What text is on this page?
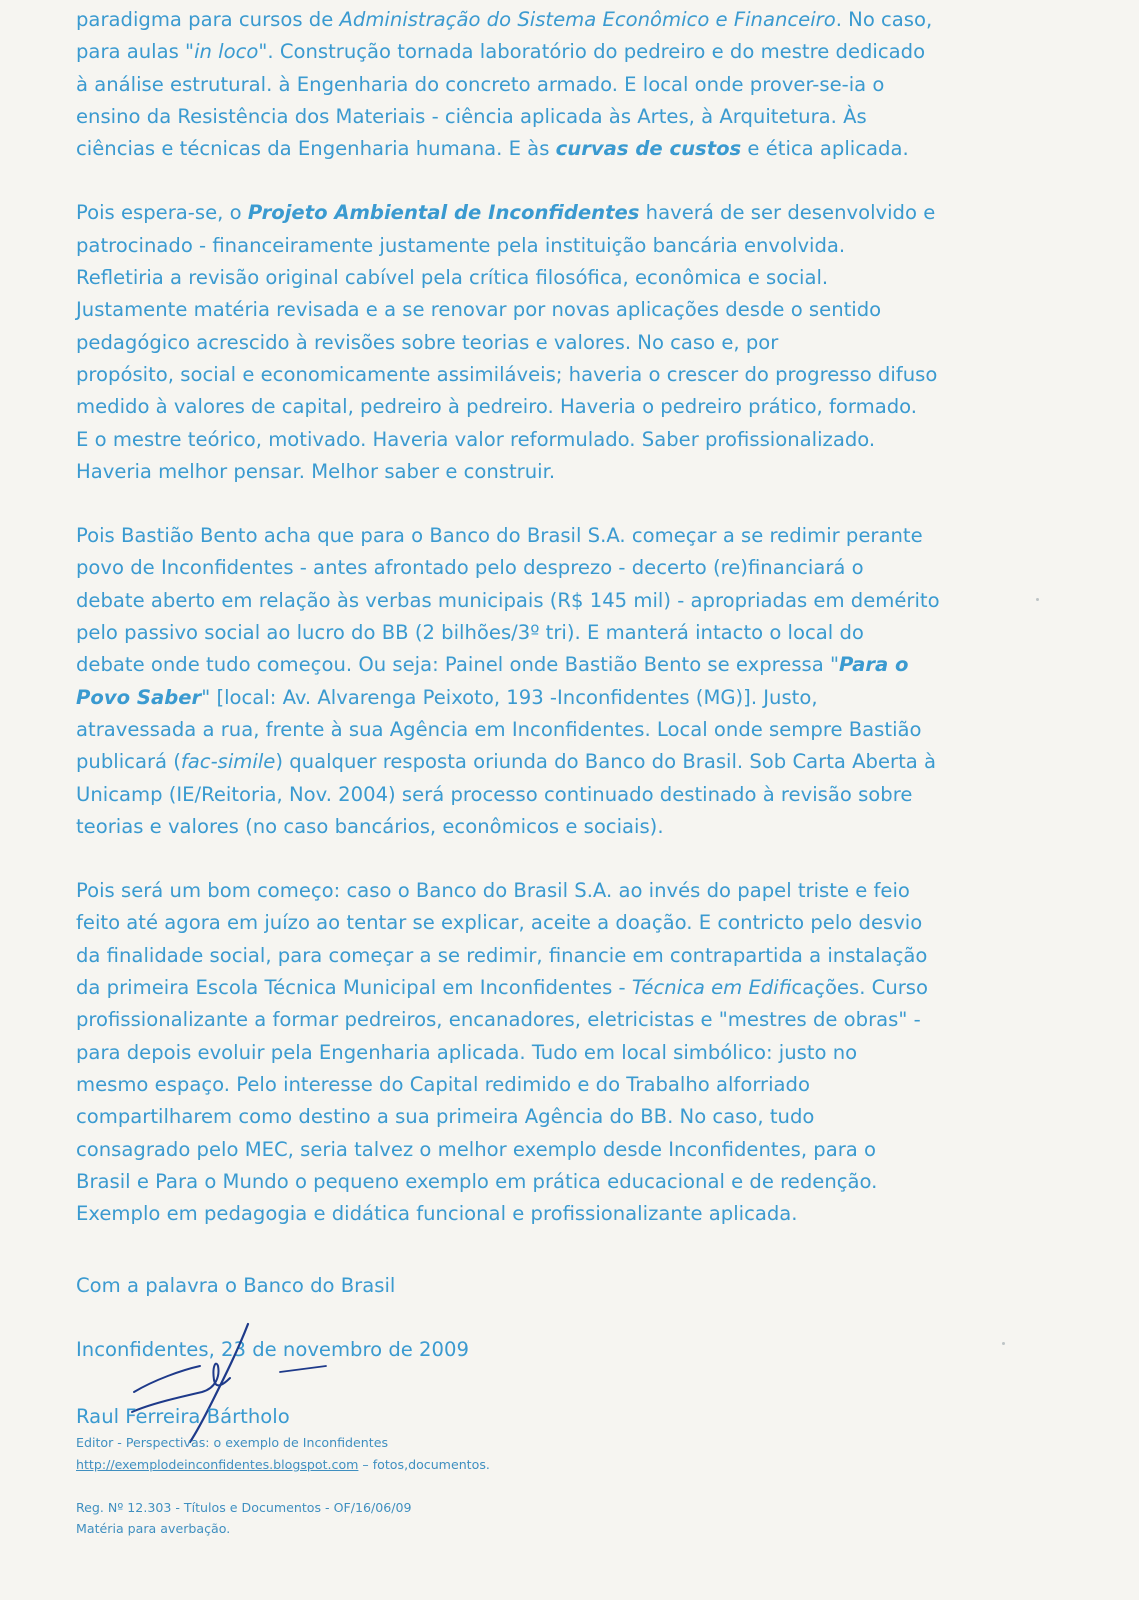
paradigma para cursos de Administração do Sistema Econômico e Financeiro. No caso,

para aulas "in loco". Construção tornada laboratório do pedreiro e do mestre dedicado

à análise estrutural. à Engenharia do concreto armado. E local onde prover-se-ia o

ensino da Resistência dos Materiais - ciência aplicada às Artes, à Arquitetura. Às

ciências e técnicas da Engenharia humana. E às curvas de custos e ética aplicada.

Pois espera-se, o Projeto Ambiental de Inconfidentes haverá de ser desenvolvido e

patrocinado - financeiramente justamente pela instituição bancária envolvida.

Refletiria a revisão original cabível pela crítica filosófica, econômica e social.

Justamente matéria revisada e a se renovar por novas aplicações desde o sentido

pedagógico acrescido à revisões sobre teorias e valores. No caso e, por

propósito, social e economicamente assimiláveis; haveria o crescer do progresso difuso

medido à valores de capital, pedreiro à pedreiro. Haveria o pedreiro prático, formado.

E o mestre teórico, motivado. Haveria valor reformulado. Saber profissionalizado.

Haveria melhor pensar. Melhor saber e construir.

Pois Bastião Bento acha que para o Banco do Brasil S.A. começar a se redimir perante

povo de Inconfidentes - antes afrontado pelo desprezo - decerto (re)financiará o

debate aberto em relação às verbas municipais (R$ 145 mil) - apropriadas em demérito

pelo passivo social ao lucro do BB (2 bilhões/3º tri). E manterá intacto o local do

debate onde tudo começou. Ou seja: Painel onde Bastião Bento se expressa "Para o

Povo Saber" [local: Av. Alvarenga Peixoto, 193 -Inconfidentes (MG)]. Justo,

atravessada a rua, frente à sua Agência em Inconfidentes. Local onde sempre Bastião

publicará (fac-simile) qualquer resposta oriunda do Banco do Brasil. Sob Carta Aberta à

Unicamp (IE/Reitoria, Nov. 2004) será processo continuado destinado à revisão sobre

teorias e valores (no caso bancários, econômicos e sociais).

Pois será um bom começo: caso o Banco do Brasil S.A. ao invés do papel triste e feio

feito até agora em juízo ao tentar se explicar, aceite a doação. E contricto pelo desvio

da finalidade social, para começar a se redimir, financie em contrapartida a instalação

da primeira Escola Técnica Municipal em Inconfidentes - Técnica em Edificações. Curso

profissionalizante a formar pedreiros, encanadores, eletricistas e "mestres de obras" -

para depois evoluir pela Engenharia aplicada. Tudo em local simbólico: justo no

mesmo espaço. Pelo interesse do Capital redimido e do Trabalho alforriado

compartilharem como destino a sua primeira Agência do BB. No caso, tudo

consagrado pelo MEC, seria talvez o melhor exemplo desde Inconfidentes, para o

Brasil e Para o Mundo o pequeno exemplo em prática educacional e de redenção.

Exemplo em pedagogia e didática funcional e profissionalizante aplicada.

Com a palavra o Banco do Brasil
Inconfidentes, 23 de novembro de 2009
Raul Ferreira Bártholo
Editor - Perspectivas: o exemplo de Inconfidentes
http://exemplodeinconfidentes.blogspot.com – fotos,documentos.
Reg. Nº 12.303 - Títulos e Documentos - OF/16/06/09
Matéria para averbação.
